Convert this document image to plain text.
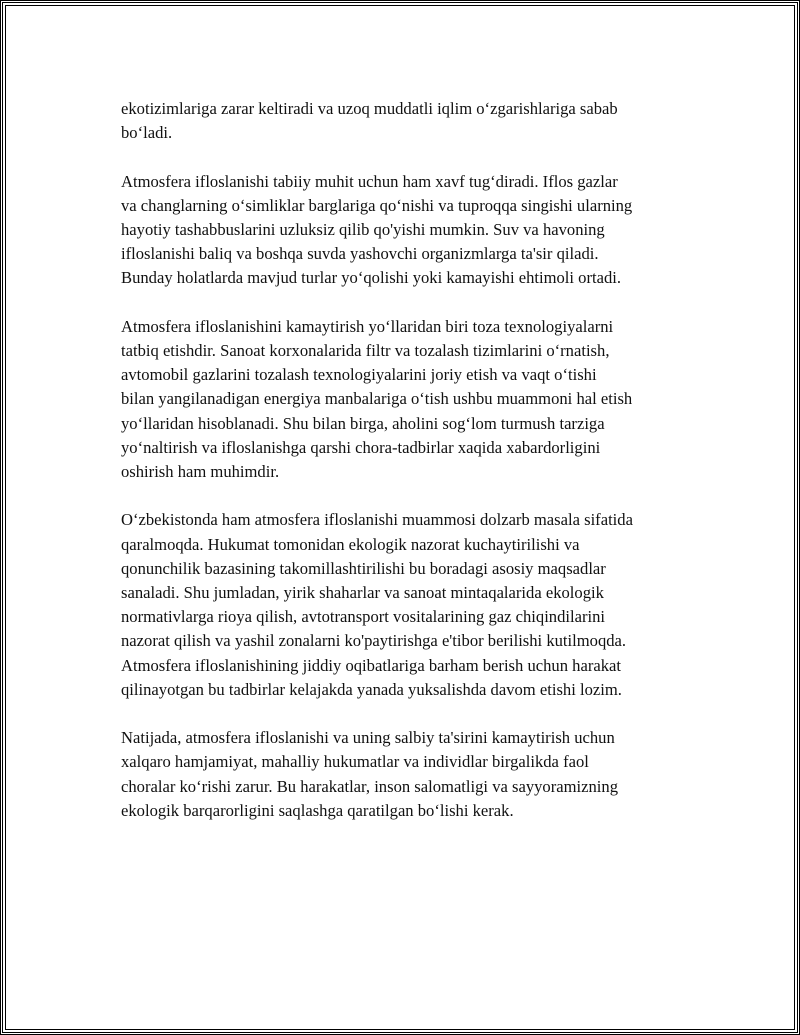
ekotizimlariga zarar keltiradi va uzoq muddatli iqlim o‘zgarishlariga sabab
bo‘ladi.

Atmosfera ifloslanishi tabiiy muhit uchun ham xavf tug‘diradi. Iflos gazlar
va changlarning o‘simliklar barglariga qo‘nishi va tuproqqa singishi ularning
hayotiy tashabbuslarini uzluksiz qilib qo'yishi mumkin. Suv va havoning
ifloslanishi baliq va boshqa suvda yashovchi organizmlarga ta'sir qiladi.
Bunday holatlarda mavjud turlar yo‘qolishi yoki kamayishi ehtimoli ortadi.

Atmosfera ifloslanishini kamaytirish yo‘llaridan biri toza texnologiyalarni
tatbiq etishdir. Sanoat korxonalarida filtr va tozalash tizimlarini o‘rnatish,
avtomobil gazlarini tozalash texnologiyalarini joriy etish va vaqt o‘tishi
bilan yangilanadigan energiya manbalariga o‘tish ushbu muammoni hal etish
yo‘llaridan hisoblanadi. Shu bilan birga, aholini sog‘lom turmush tarziga
yo‘naltirish va ifloslanishga qarshi chora-tadbirlar xaqida xabardorligini
oshirish ham muhimdir.

O‘zbekistonda ham atmosfera ifloslanishi muammosi dolzarb masala sifatida
qaralmoqda. Hukumat tomonidan ekologik nazorat kuchaytirilishi va
qonunchilik bazasining takomillashtirilishi bu boradagi asosiy maqsadlar
sanaladi. Shu jumladan, yirik shaharlar va sanoat mintaqalarida ekologik
normativlarga rioya qilish, avtotransport vositalarining gaz chiqindilarini
nazorat qilish va yashil zonalarni ko'paytirishga e'tibor berilishi kutilmoqda.
Atmosfera ifloslanishining jiddiy oqibatlariga barham berish uchun harakat
qilinayotgan bu tadbirlar kelajakda yanada yuksalishda davom etishi lozim.

Natijada, atmosfera ifloslanishi va uning salbiy ta'sirini kamaytirish uchun
xalqaro hamjamiyat, mahalliy hukumatlar va individlar birgalikda faol
choralar ko‘rishi zarur. Bu harakatlar, inson salomatligi va sayyoramizning
ekologik barqarorligini saqlashga qaratilgan bo‘lishi kerak.
